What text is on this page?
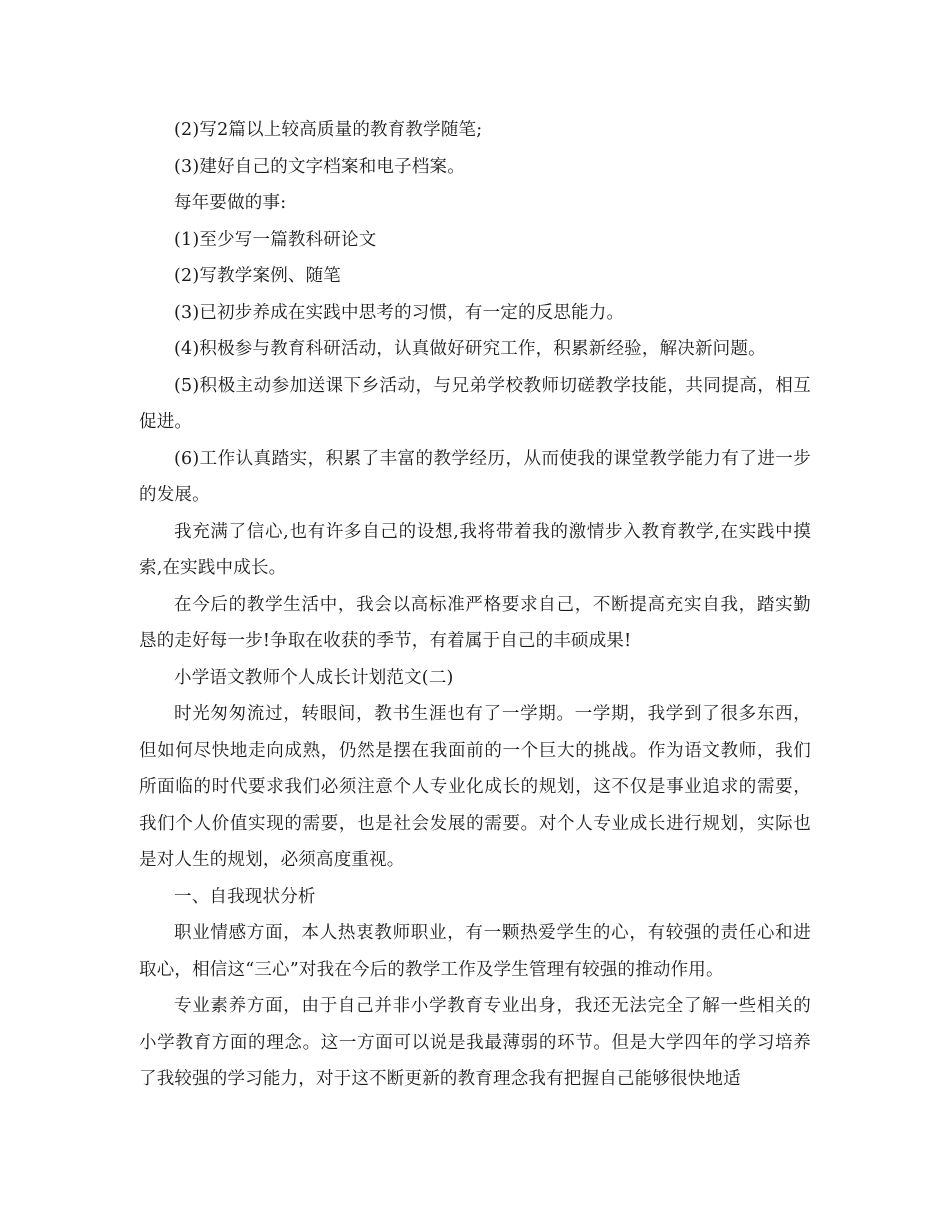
(2)写2篇以上较高质量的教育教学随笔;

(3)建好自己的文字档案和电子档案。

每年要做的事:

(1)至少写一篇教科研论文

(2)写教学案例、随笔

(3)已初步养成在实践中思考的习惯，有一定的反思能力。

(4)积极参与教育科研活动，认真做好研究工作，积累新经验，解决新问题。

(5)积极主动参加送课下乡活动，与兄弟学校教师切磋教学技能，共同提高，相互促进。

(6)工作认真踏实，积累了丰富的教学经历，从而使我的课堂教学能力有了进一步的发展。

我充满了信心,也有许多自己的设想,我将带着我的激情步入教育教学,在实践中摸索,在实践中成长。

在今后的教学生活中，我会以高标准严格要求自己，不断提高充实自我，踏实勤恳的走好每一步!争取在收获的季节，有着属于自己的丰硕成果!

小学语文教师个人成长计划范文(二)

时光匆匆流过，转眼间，教书生涯也有了一学期。一学期，我学到了很多东西，但如何尽快地走向成熟，仍然是摆在我面前的一个巨大的挑战。作为语文教师，我们所面临的时代要求我们必须注意个人专业化成长的规划，这不仅是事业追求的需要，我们个人价值实现的需要，也是社会发展的需要。对个人专业成长进行规划，实际也是对人生的规划，必须高度重视。

一、自我现状分析

职业情感方面，本人热衷教师职业，有一颗热爱学生的心，有较强的责任心和进取心，相信这“三心”对我在今后的教学工作及学生管理有较强的推动作用。

专业素养方面，由于自己并非小学教育专业出身，我还无法完全了解一些相关的小学教育方面的理念。这一方面可以说是我最薄弱的环节。但是大学四年的学习培养了我较强的学习能力，对于这不断更新的教育理念我有把握自己能够很快地适
